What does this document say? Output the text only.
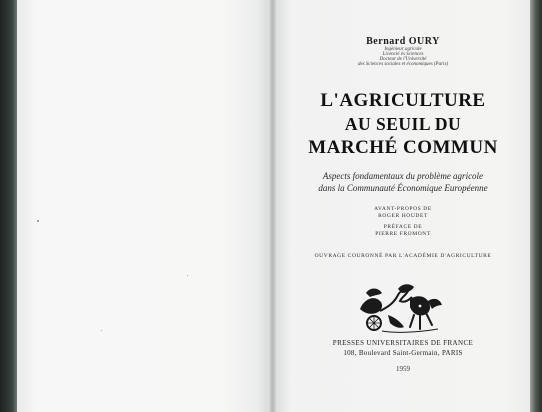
Bernard OURY
Ingénieur agricole
Licencié ès Sciences
Docteur de l'Université
des Sciences sociales et économiques (Paris)
L'AGRICULTURE
AU SEUIL DU
MARCHÉ COMMUN
Aspects fondamentaux du problème agricole
dans la Communauté Économique Européenne
AVANT-PROPOS DE
ROGER HOUDET
PRÉFACE DE
PIERRE FROMONT
OUVRAGE COURONNÉ PAR L'ACADÉMIE D'AGRICULTURE
PRESSES UNIVERSITAIRES DE FRANCE
108, Boulevard Saint-Germain, PARIS
1959
